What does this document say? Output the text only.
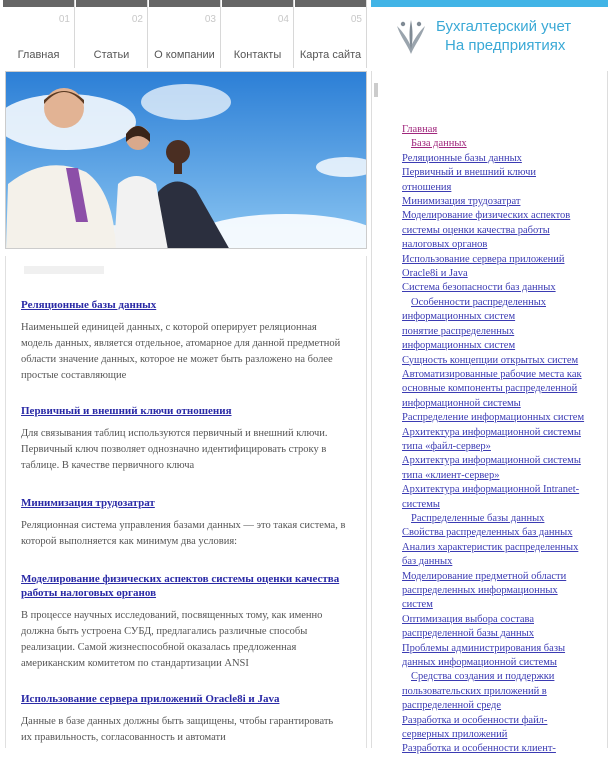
01
Главная
02
Статьи
03
О компании
04
Контакты
05
Карта сайта
Бухгалтерский учет
На предприятиях
Реляционные базы данных
Наименьшей единицей данных, с которой оперирует реляционная модель данных, является отдельное, атомарное для данной предметной области значение данных, которое не может быть разложено на более простые составляющие
Первичный и внешний ключи отношения
Для связывания таблиц используются первичный и внешний ключи. Первичный ключ позволяет однозначно идентифицировать строку в таблице. В качестве первичного ключа
Минимизация трудозатрат
Реляционная система управления базами данных — это такая система, в которой выполняется как минимум два условия:
Моделирование физических аспектов системы оценки качества работы налоговых органов
В процессе научных исследований, посвященных тому, как именно должна быть устроена СУБД, предлагались различные способы реализации. Самой жизнеспособной оказалась предложенная американским комитетом по стандартизации ANSI
Использование сервера приложений Oracle8i и Java
Данные в базе данных должны быть защищены, чтобы гарантировать их правильность, согласованность и автомати
Главная
База данных
Реляционные базы данных
Первичный и внешний ключи
отношения
Минимизация трудозатрат
Моделирование физических аспектов
системы оценки качества работы
налоговых органов
Использование сервера приложений
Oracle8i и Java
Система безопасности баз данных
Особенности распределенных
информационных систем
понятие распределенных
информационных систем
Сущность концепции открытых систем
Автоматизированные рабочие места как
основные компоненты распределенной
информационной системы
Распределение информационных систем
Архитектура информационной системы
типа «файл-сервер»
Архитектура информационной системы
типа «клиент-сервер»
Архитектура информационной Intranet-
системы
Распределенные базы данных
Свойства распределенных баз данных
Анализ характеристик распределенных
баз данных
Моделирование предметной области
распределенных информационных
систем
Оптимизация выбора состава
распределенной базы данных
Проблемы администрирования базы
данных информационной системы
Средства создания и поддержки
пользовательских приложений в
распределенной среде
Разработка и особенности файл-
серверных приложений
Разработка и особенности клиент-
